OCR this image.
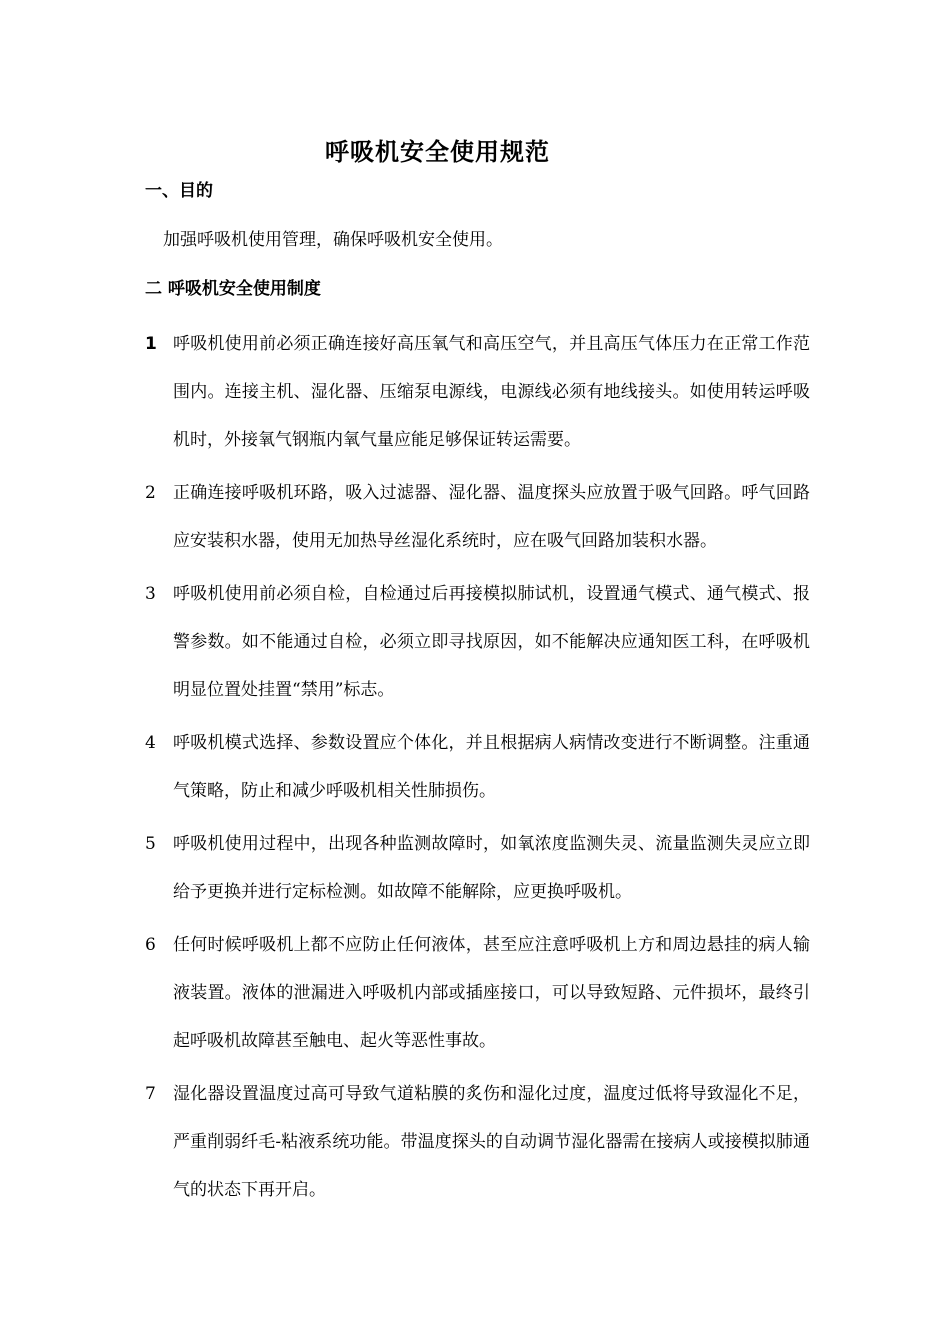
呼吸机安全使用规范
一、目的

加强呼吸机使用管理，确保呼吸机安全使用。

二 呼吸机安全使用制度
1 呼吸机使用前必须正确连接好高压氧气和高压空气，并且高压气体压力在正常工作范围内。连接主机、湿化器、压缩泵电源线，电源线必须有地线接头。如使用转运呼吸机时，外接氧气钢瓶内氧气量应能足够保证转运需要。
2	正确连接呼吸机环路，吸入过滤器、湿化器、温度探头应放置于吸气回路。呼气回路应安装积水器，使用无加热导丝湿化系统时，应在吸气回路加装积水器。
3	呼吸机使用前必须自检，自检通过后再接模拟肺试机，设置通气模式、通气模式、报警参数。如不能通过自检，必须立即寻找原因，如不能解决应通知医工科，在呼吸机明显位置处挂置“禁用”标志。
4	呼吸机模式选择、参数设置应个体化，并且根据病人病情改变进行不断调整。注重通气策略，防止和减少呼吸机相关性肺损伤。
5	呼吸机使用过程中，出现各种监测故障时，如氧浓度监测失灵、流量监测失灵应立即给予更换并进行定标检测。如故障不能解除，应更换呼吸机。
6	任何时候呼吸机上都不应防止任何液体，甚至应注意呼吸机上方和周边悬挂的病人输液装置。液体的泄漏进入呼吸机内部或插座接口，可以导致短路、元件损坏，最终引起呼吸机故障甚至触电、起火等恶性事故。
7	湿化器设置温度过高可导致气道粘膜的炙伤和湿化过度，温度过低将导致湿化不足，严重削弱纤毛-粘液系统功能。带温度探头的自动调节湿化器需在接病人或接模拟肺通气的状态下再开启。
